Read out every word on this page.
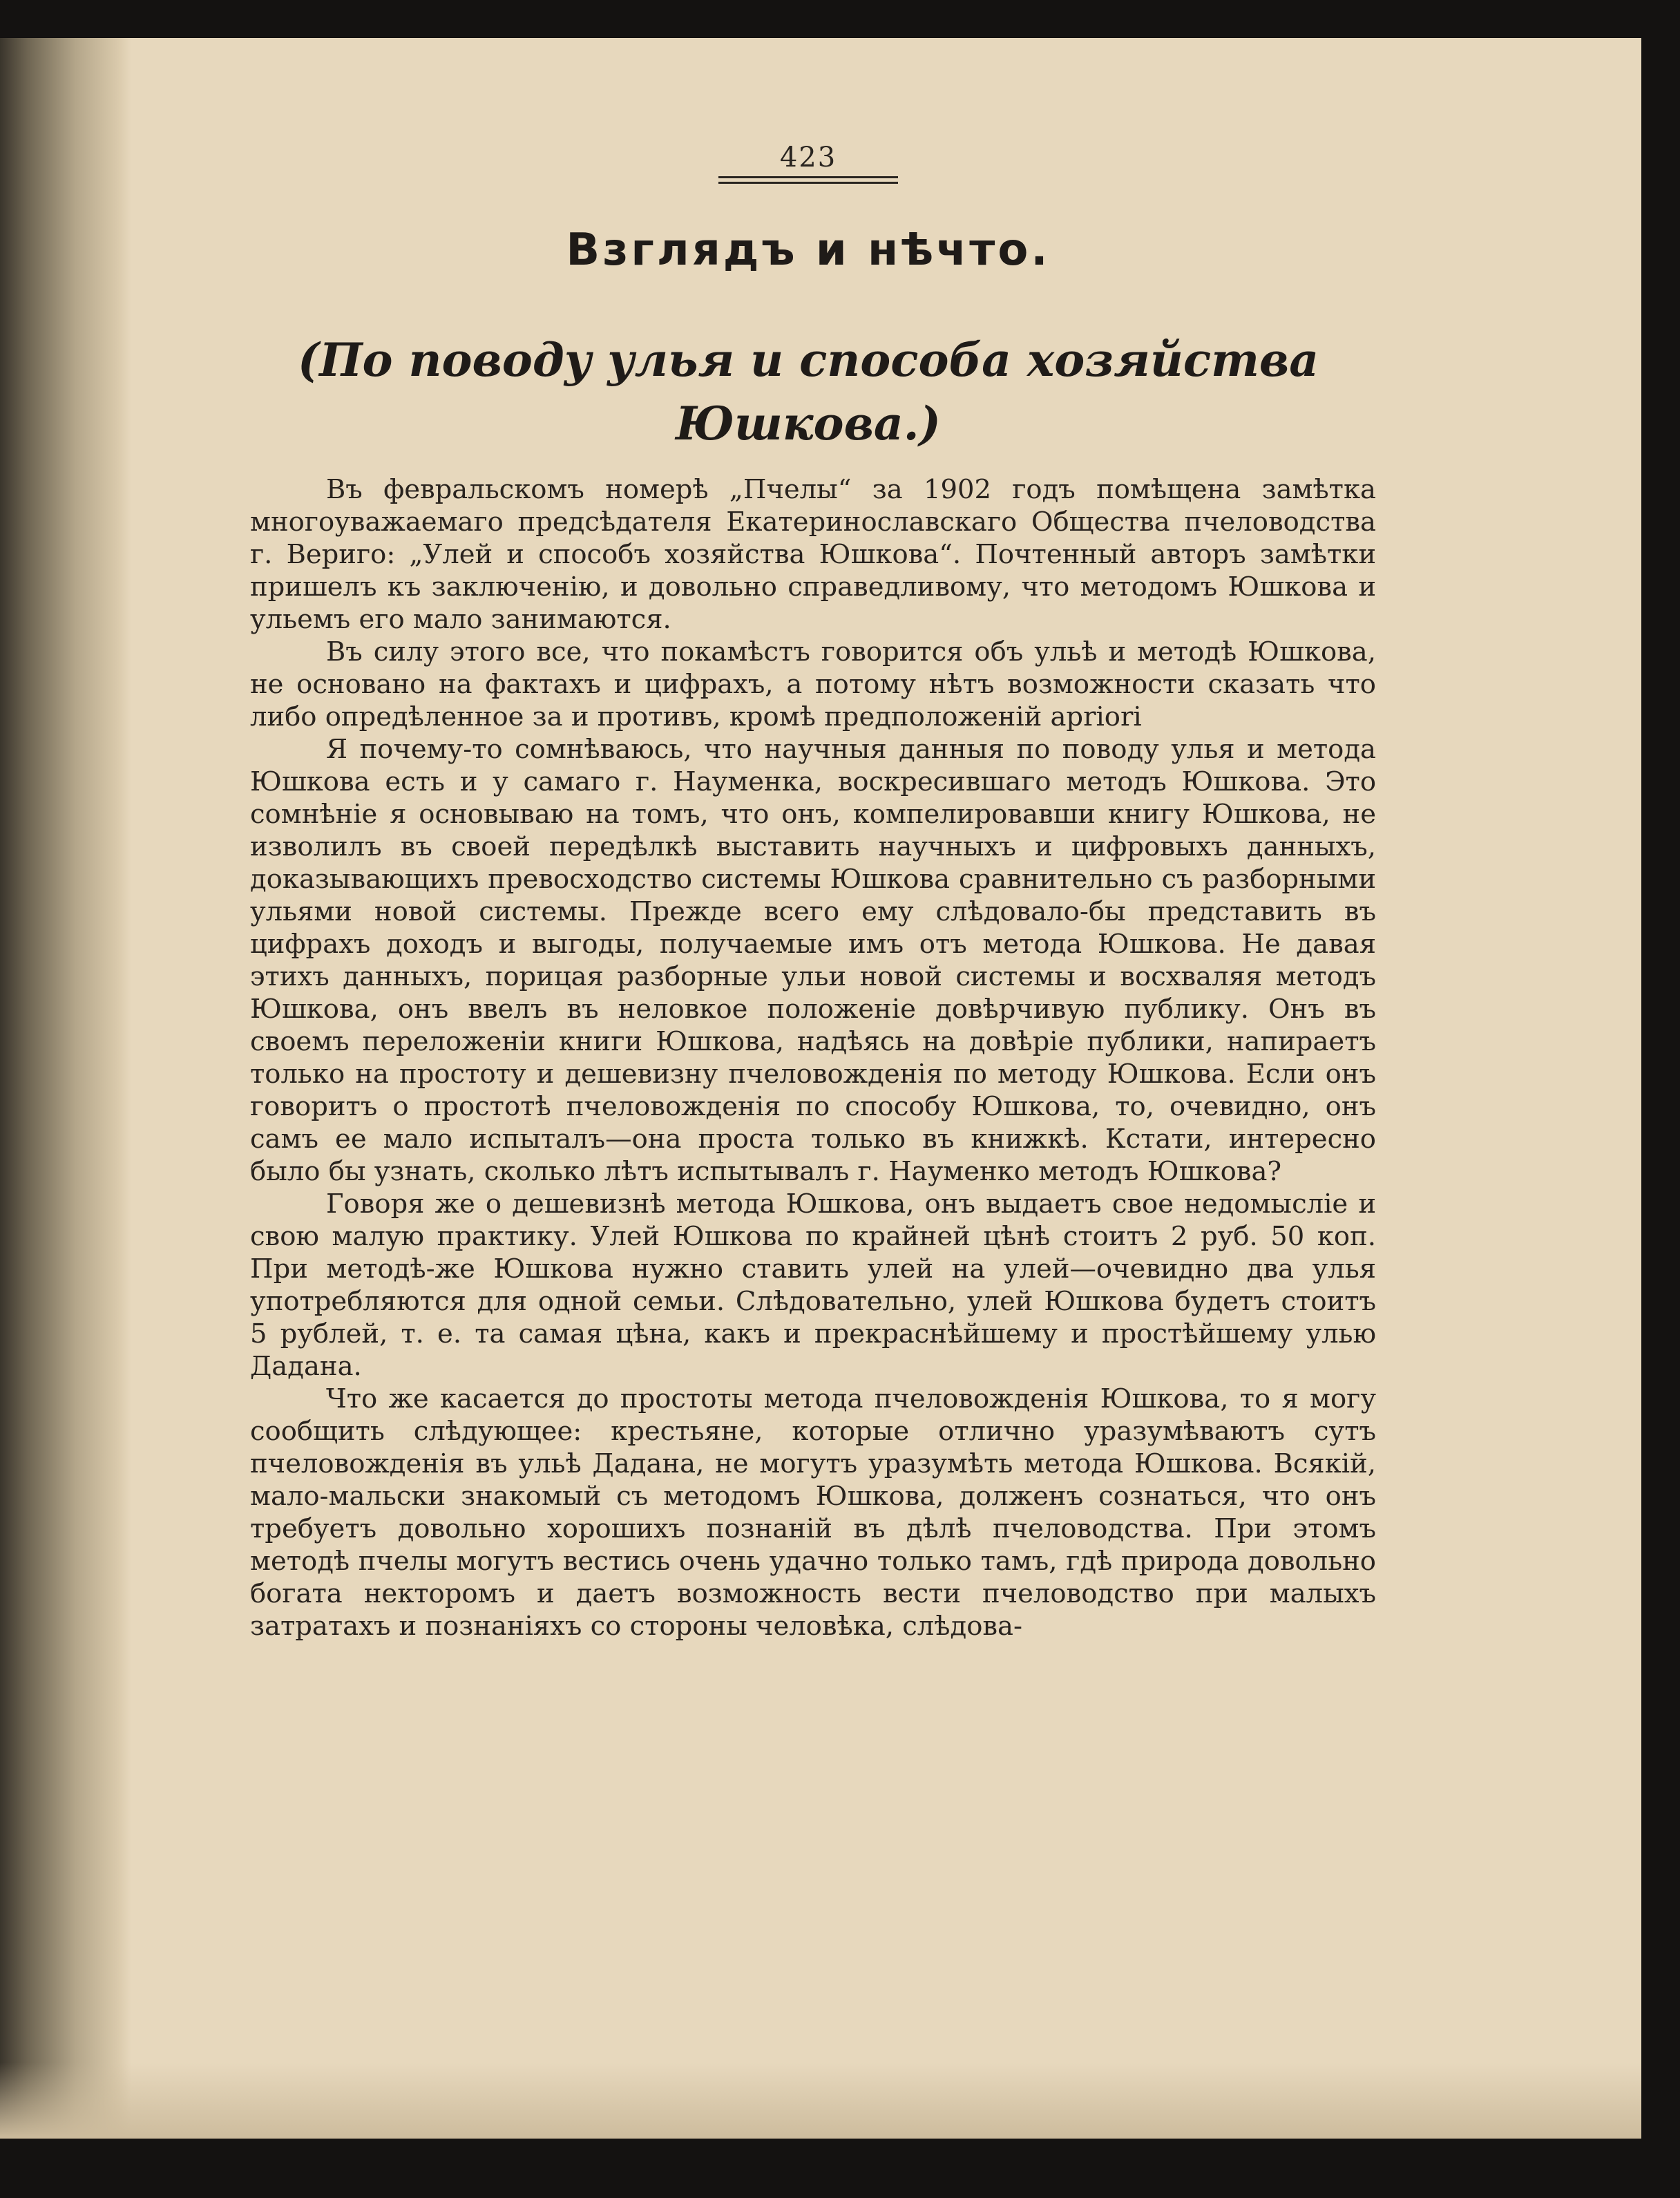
423
Взглядъ и нѣчто.
(По поводу улья и способа хозяйства Юшкова.)

Въ февральскомъ номерѣ „Пчелы“ за 1902 годъ помѣщена замѣтка многоуважаемаго предсѣдателя Екатеринославскаго Общества пчеловодства г. Вериго: „Улей и способъ хозяйства Юшкова“. Почтенный авторъ замѣтки пришелъ къ заключенію, и довольно справедливому, что методомъ Юшкова и ульемъ его мало занимаются.

Въ силу этого все, что покамѣстъ говорится объ ульѣ и методѣ Юшкова, не основано на фактахъ и цифрахъ, а потому нѣтъ возможности сказать что либо опредѣленное за и противъ, кромѣ предположеній apriori

Я почему-то сомнѣваюсь, что научныя данныя по поводу улья и метода Юшкова есть и у самаго г. Науменка, воскресившаго методъ Юшкова. Это сомнѣніе я основываю на томъ, что онъ, компелировавши книгу Юшкова, не изволилъ въ своей передѣлкѣ выставить научныхъ и цифровыхъ данныхъ, доказывающихъ превосходство системы Юшкова сравнительно съ разборными ульями новой системы. Прежде всего ему слѣдовало-бы представить въ цифрахъ доходъ и выгоды, получаемые имъ отъ метода Юшкова. Не давая этихъ данныхъ, порицая разборные ульи новой системы и восхваляя методъ Юшкова, онъ ввелъ въ неловкое положеніе довѣрчивую публику. Онъ въ своемъ переложеніи книги Юшкова, надѣясь на довѣріе публики, напираетъ только на простоту и дешевизну пчеловожденія по методу Юшкова. Если онъ говоритъ о простотѣ пчеловожденія по способу Юшкова, то, очевидно, онъ самъ ее мало испыталъ—она проста только въ книжкѣ. Кстати, интересно было бы узнать, сколько лѣтъ испытывалъ г. Науменко методъ Юшкова?

Говоря же о дешевизнѣ метода Юшкова, онъ выдаетъ свое недомысліе и свою малую практику. Улей Юшкова по крайней цѣнѣ стоитъ 2 руб. 50 коп. При методѣ-же Юшкова нужно ставить улей на улей—очевидно два улья употребляются для одной семьи. Слѣдовательно, улей Юшкова будетъ стоитъ 5 рублей, т. е. та самая цѣна, какъ и прекраснѣйшему и простѣйшему улью Дадана.

Что же касается до простоты метода пчеловожденія Юшкова, то я могу сообщить слѣдующее: крестьяне, которые отлично уразумѣваютъ сутъ пчеловожденія въ ульѣ Дадана, не могутъ уразумѣть метода Юшкова. Всякій, мало-мальски знакомый съ методомъ Юшкова, долженъ сознаться, что онъ требуетъ довольно хорошихъ познаній въ дѣлѣ пчеловодства. При этомъ методѣ пчелы могутъ вестись очень удачно только тамъ, гдѣ природа довольно богата некторомъ и даетъ возможность вести пчеловодство при малыхъ затратахъ и познаніяхъ со стороны человѣка, слѣдова-
